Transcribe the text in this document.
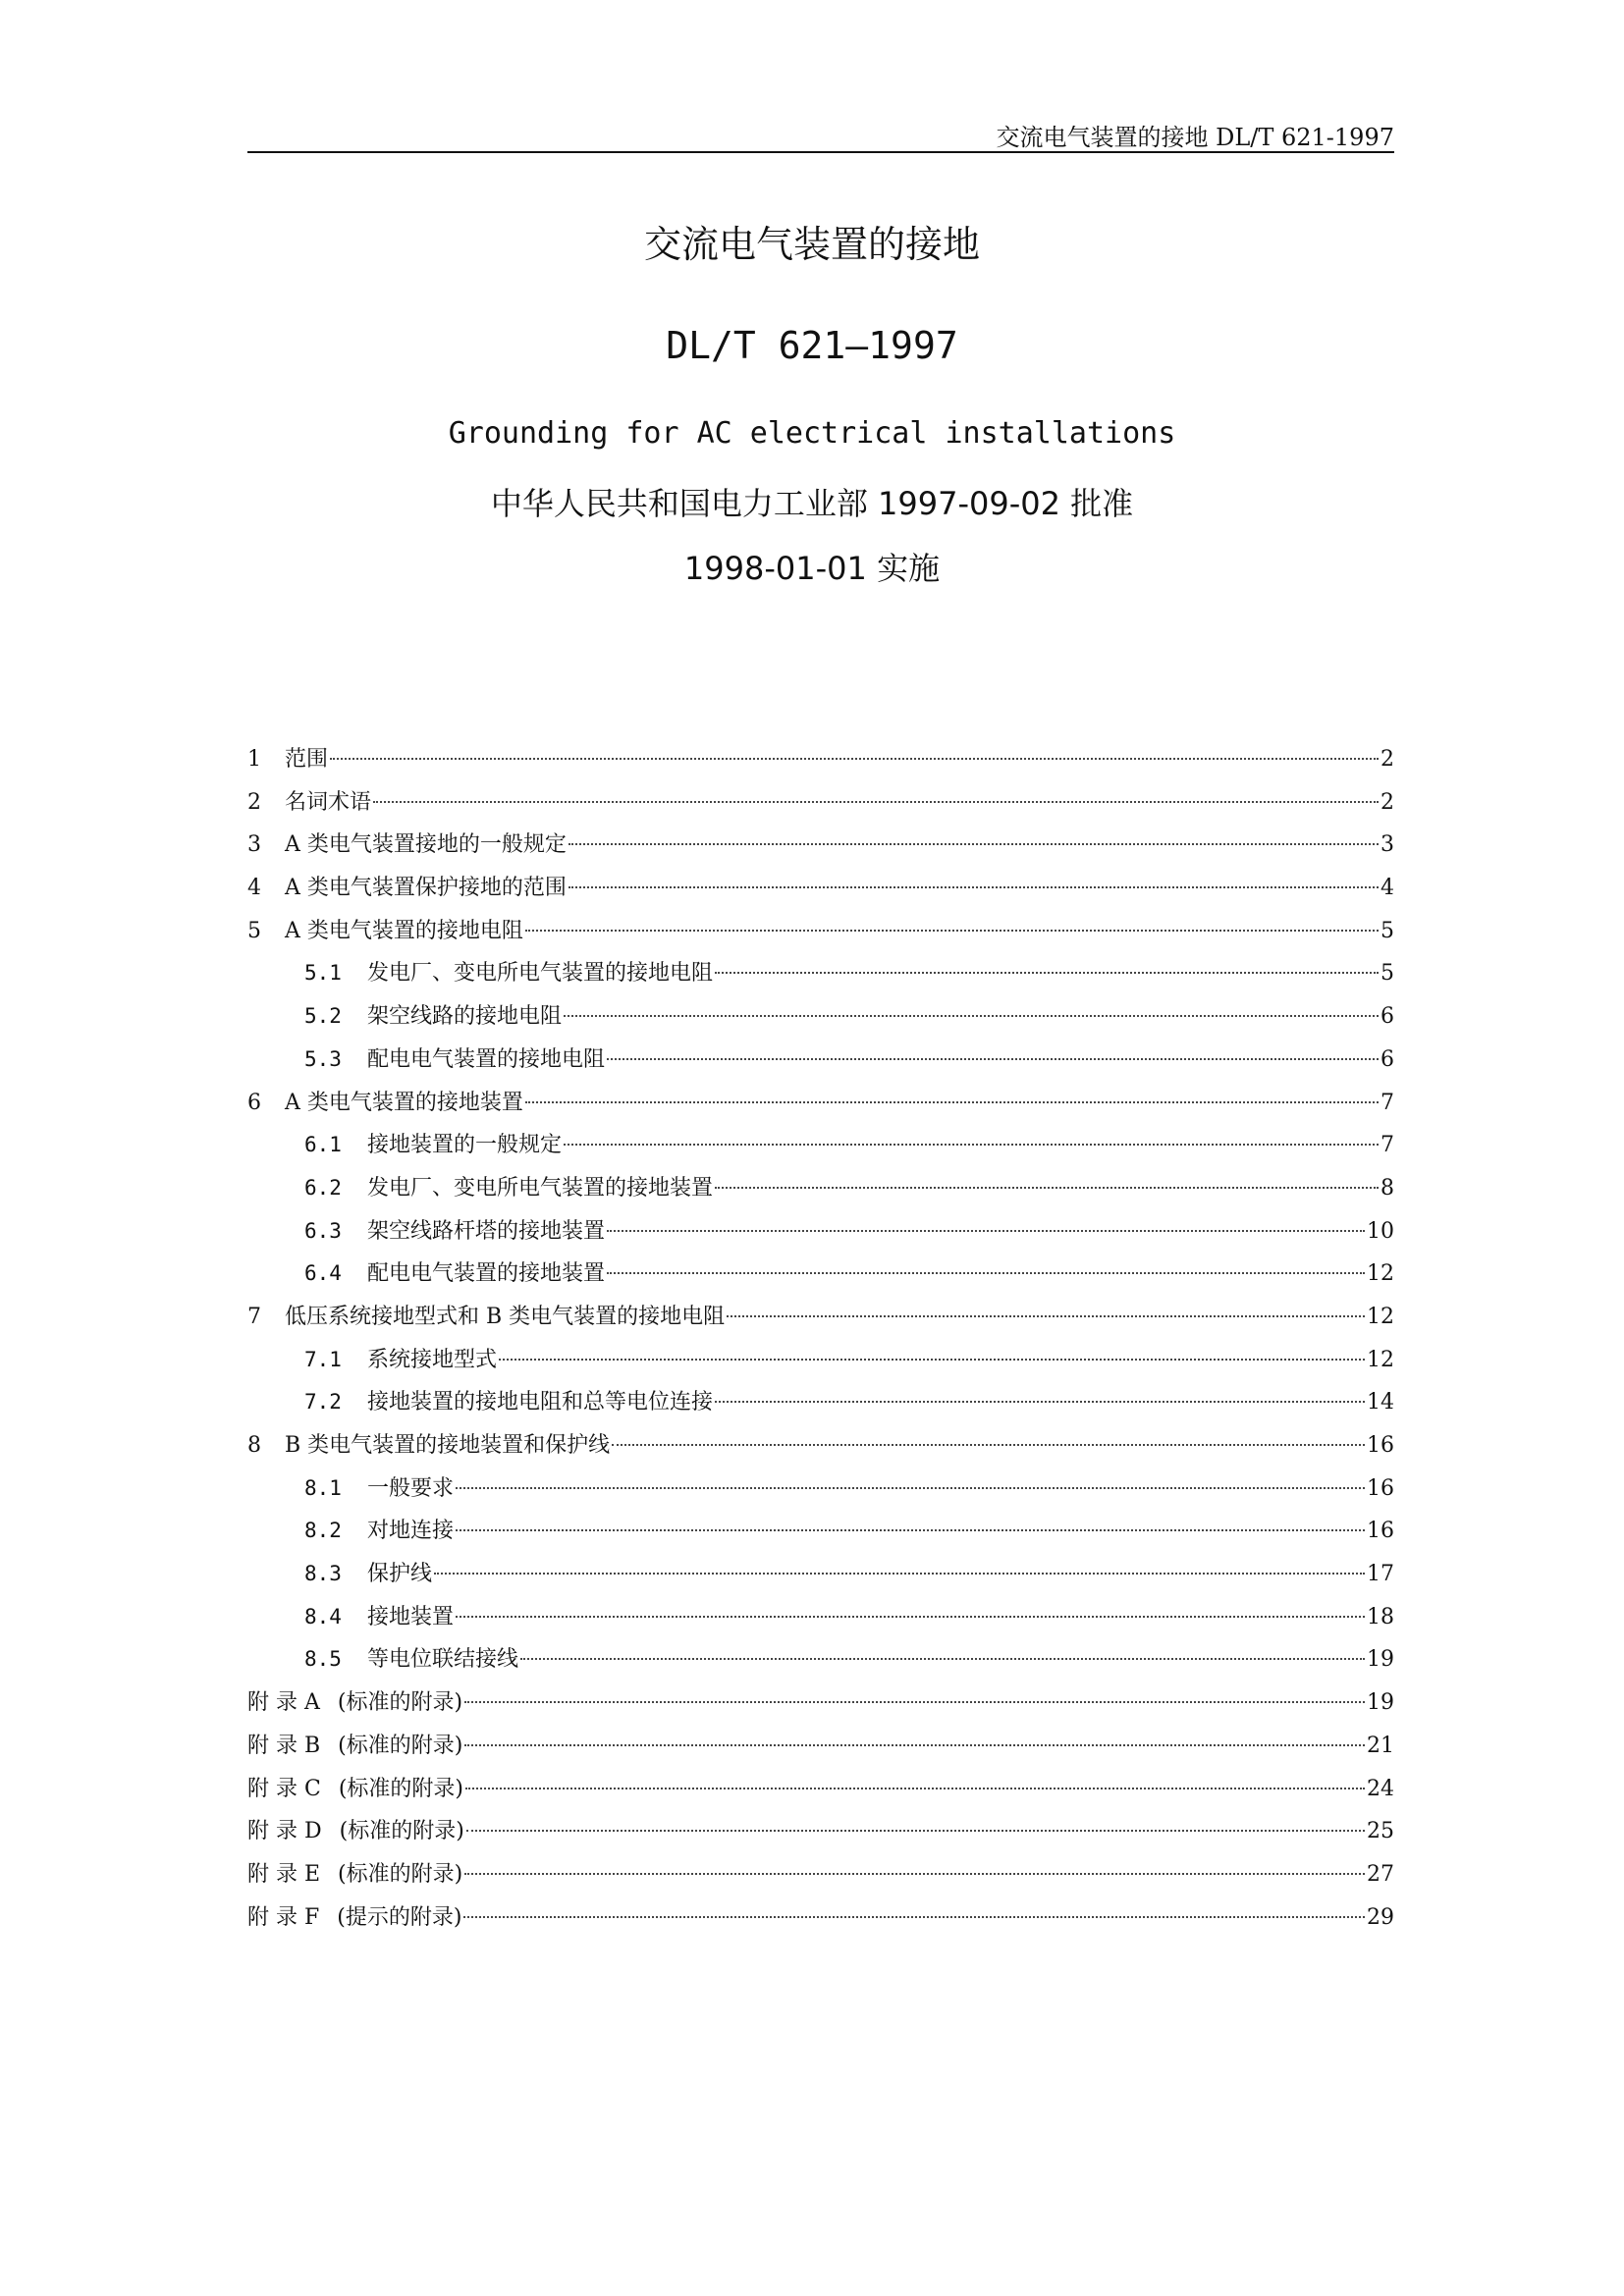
交流电气装置的接地 DL/T 621-1997
交流电气装置的接地
DL/T 621—1997
Grounding for AC electrical installations
中华人民共和国电力工业部 1997-09-02 批准
1998-01-01 实施
1	范围	2
2	名词术语	2
3	A 类电气装置接地的一般规定	3
4	A 类电气装置保护接地的范围	4
5	A 类电气装置的接地电阻	5
5.1	发电厂、变电所电气装置的接地电阻	5
5.2	架空线路的接地电阻	6
5.3	配电电气装置的接地电阻	6
6	A 类电气装置的接地装置	7
6.1	接地装置的一般规定	7
6.2	发电厂、变电所电气装置的接地装置	8
6.3	架空线路杆塔的接地装置	10
6.4	配电电气装置的接地装置	12
7	低压系统接地型式和 B 类电气装置的接地电阻	12
7.1	系统接地型式	12
7.2	接地装置的接地电阻和总等电位连接	14
8	B 类电气装置的接地装置和保护线	16
8.1	一般要求	16
8.2	对地连接	16
8.3	保护线	17
8.4	接地装置	18
8.5	等电位联结接线	19
附 录 A (标准的附录)	19
附 录 B (标准的附录)	21
附 录 C (标准的附录)	24
附 录 D (标准的附录)	25
附 录 E (标准的附录)	27
附 录 F (提示的附录)	29
